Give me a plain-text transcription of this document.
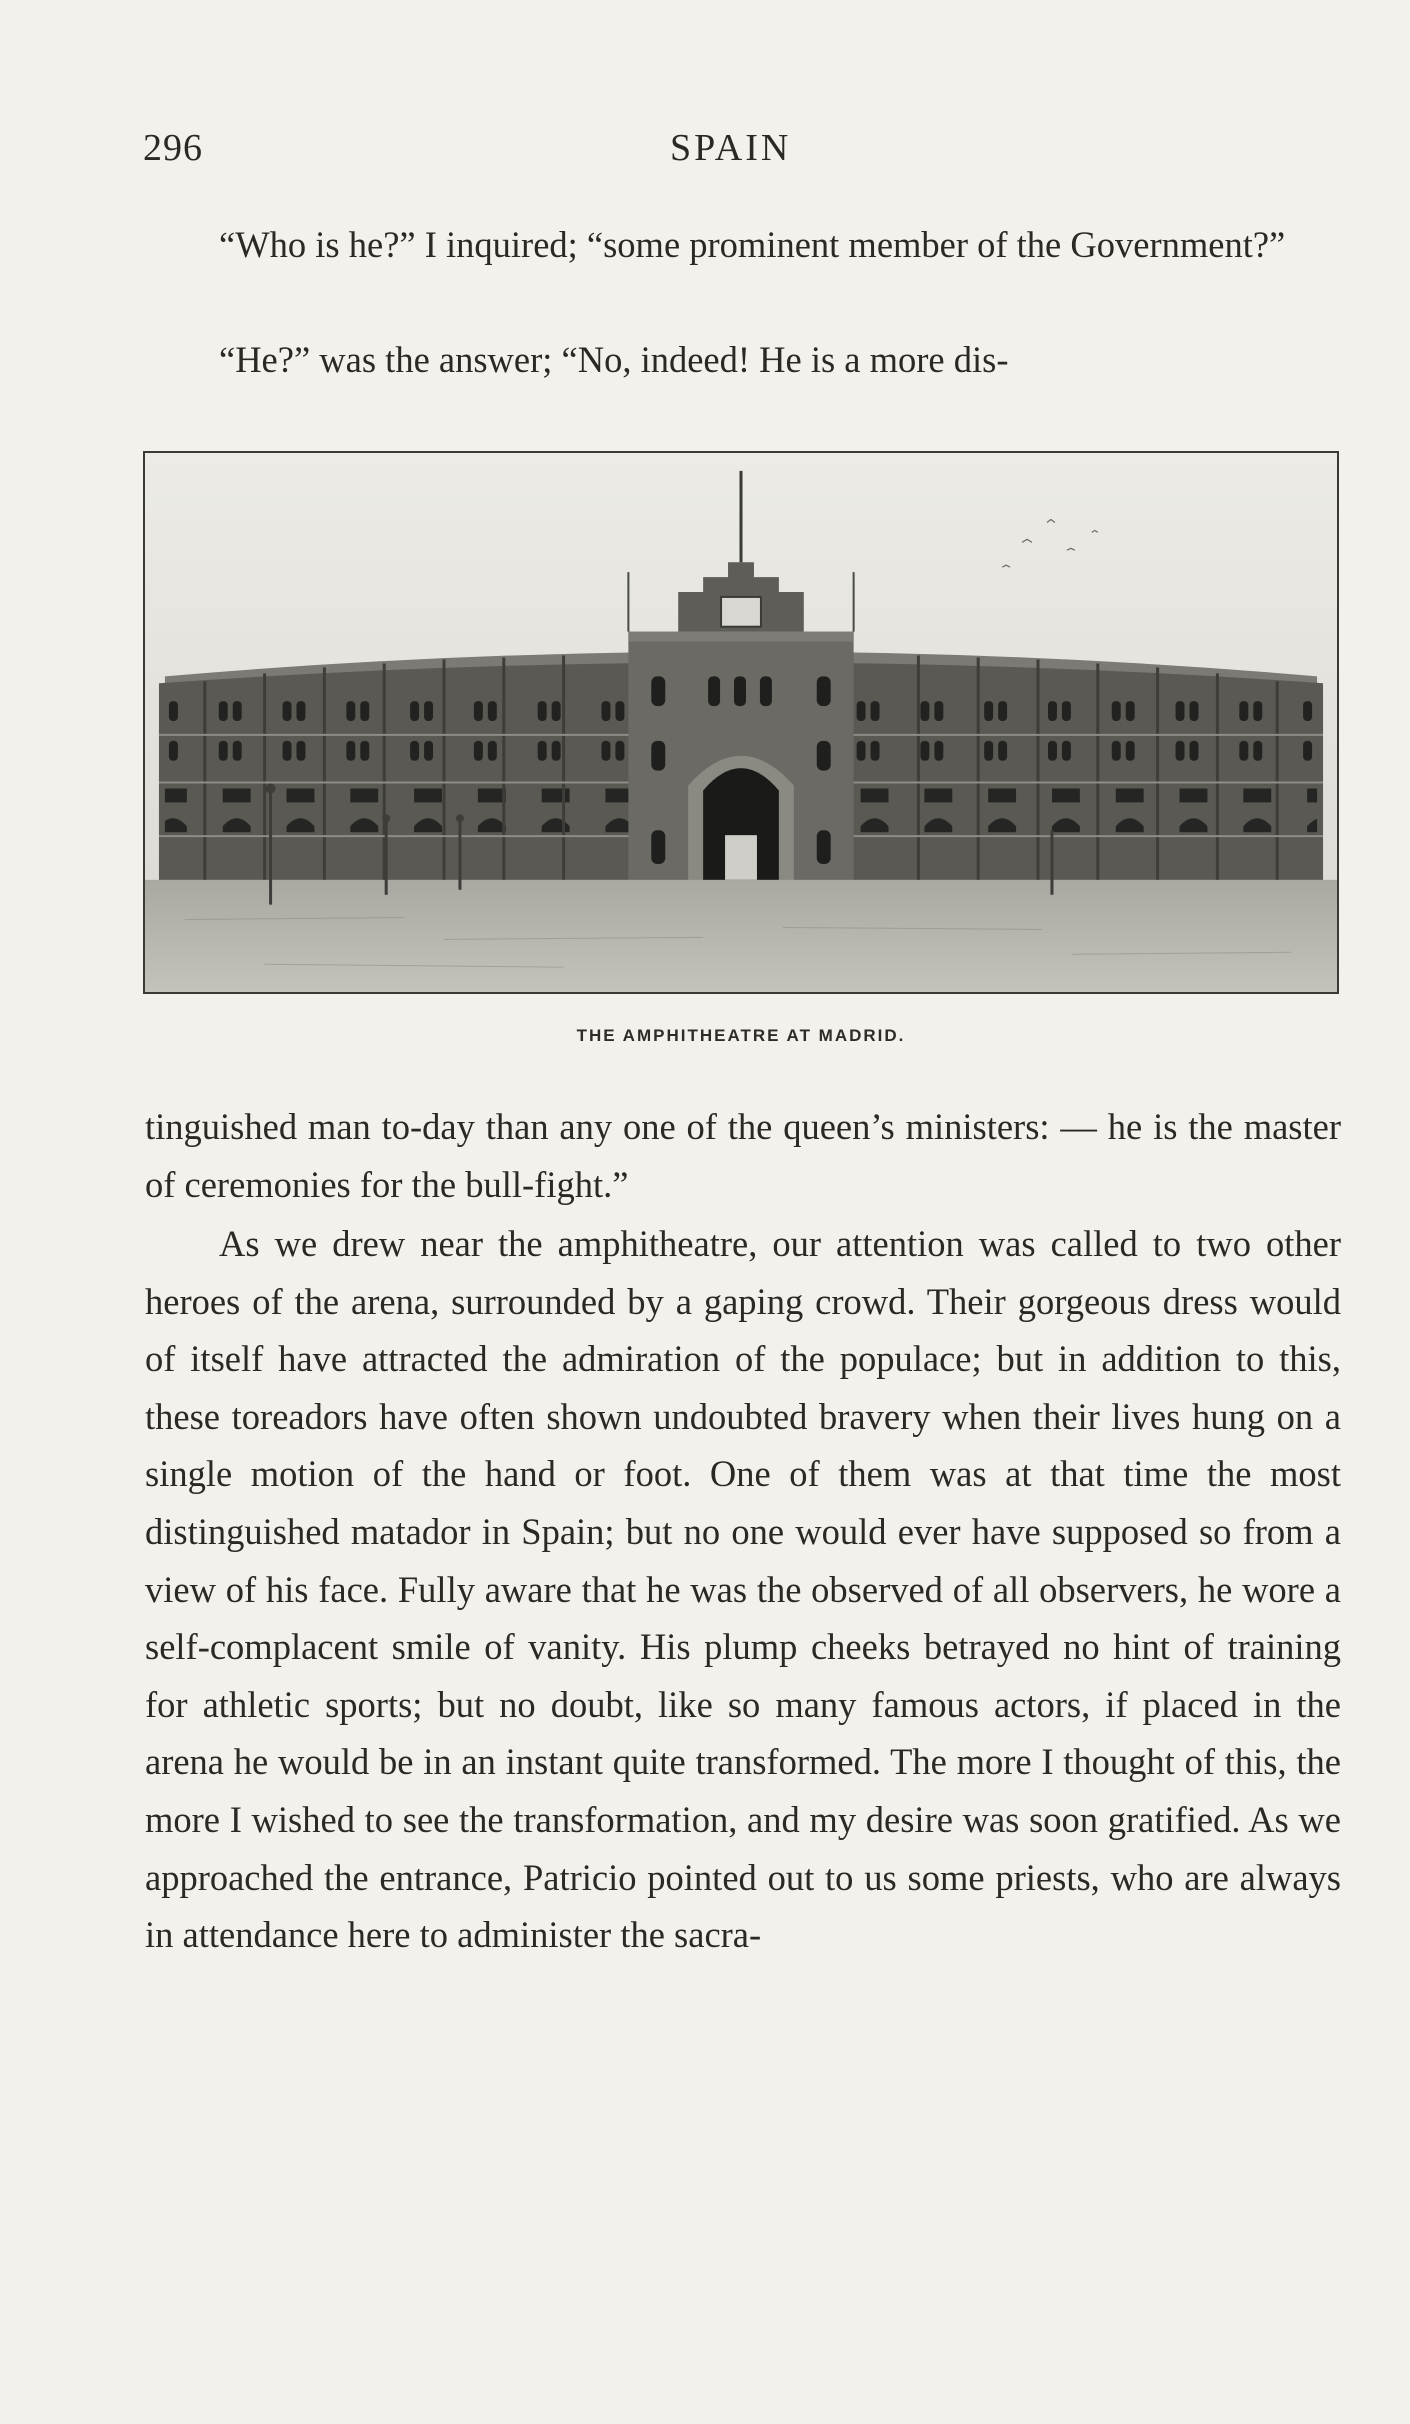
296	SPAIN

“Who is he?” I inquired; “some prominent member of the Government?”

“He?” was the answer; “No, indeed! He is a more dis-

THE AMPHITHEATRE AT MADRID.

tinguished man to-day than any one of the queen’s ministers: — he is the master of ceremonies for the bull-fight.”

As we drew near the amphitheatre, our attention was called to two other heroes of the arena, surrounded by a gaping crowd. Their gorgeous dress would of itself have attracted the admiration of the populace; but in addition to this, these toreadors have often shown undoubted bravery when their lives hung on a single motion of the hand or foot. One of them was at that time the most distinguished matador in Spain; but no one would ever have supposed so from a view of his face. Fully aware that he was the observed of all observers, he wore a self-complacent smile of vanity. His plump cheeks betrayed no hint of training for athletic sports; but no doubt, like so many famous actors, if placed in the arena he would be in an instant quite transformed. The more I thought of this, the more I wished to see the transformation, and my desire was soon gratified. As we approached the entrance, Patricio pointed out to us some priests, who are always in attendance here to administer the sacra-
